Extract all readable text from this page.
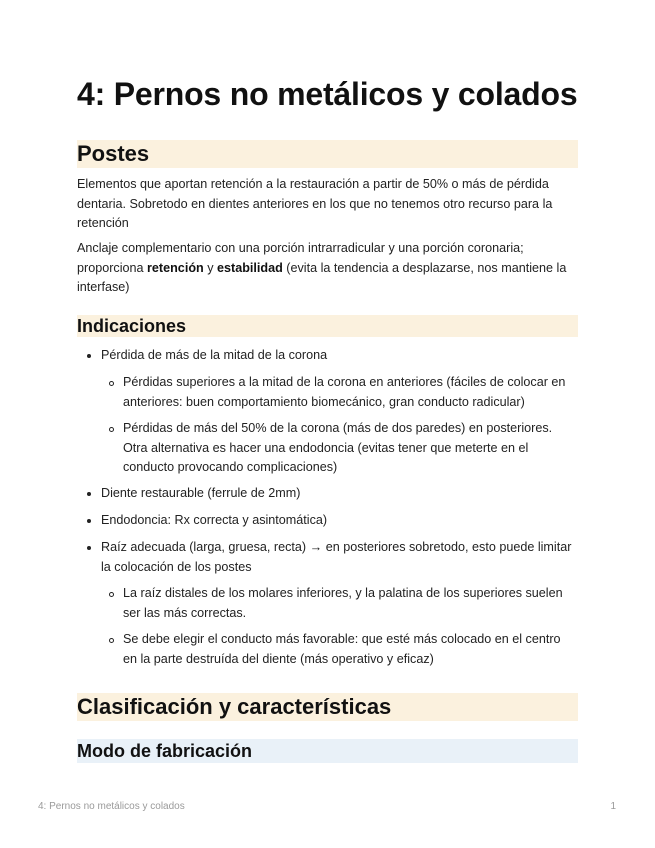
4: Pernos no metálicos y colados
Postes
Elementos que aportan retención a la restauración a partir de 50% o más de pérdida dentaria. Sobretodo en dientes anteriores en los que no tenemos otro recurso para la retención
Anclaje complementario con una porción intrarradicular y una porción coronaria; proporciona retención y estabilidad (evita la tendencia a desplazarse, nos mantiene la interfase)
Indicaciones
Pérdida de más de la mitad de la corona
Pérdidas superiores a la mitad de la corona en anteriores (fáciles de colocar en anteriores: buen comportamiento biomecánico, gran conducto radicular)
Pérdidas de más del 50% de la corona (más de dos paredes) en posteriores. Otra alternativa es hacer una endodoncia (evitas tener que meterte en el conducto provocando complicaciones)
Diente restaurable (ferrule de 2mm)
Endodoncia: Rx correcta y asintomática)
Raíz adecuada (larga, gruesa, recta) → en posteriores sobretodo, esto puede limitar la colocación de los postes
La raíz distales de los molares inferiores, y la palatina de los superiores suelen ser las más correctas.
Se debe elegir el conducto más favorable: que esté más colocado en el centro en la parte destruída del diente (más operativo y eficaz)
Clasificación y características
Modo de fabricación
4: Pernos no metálicos y colados	1
